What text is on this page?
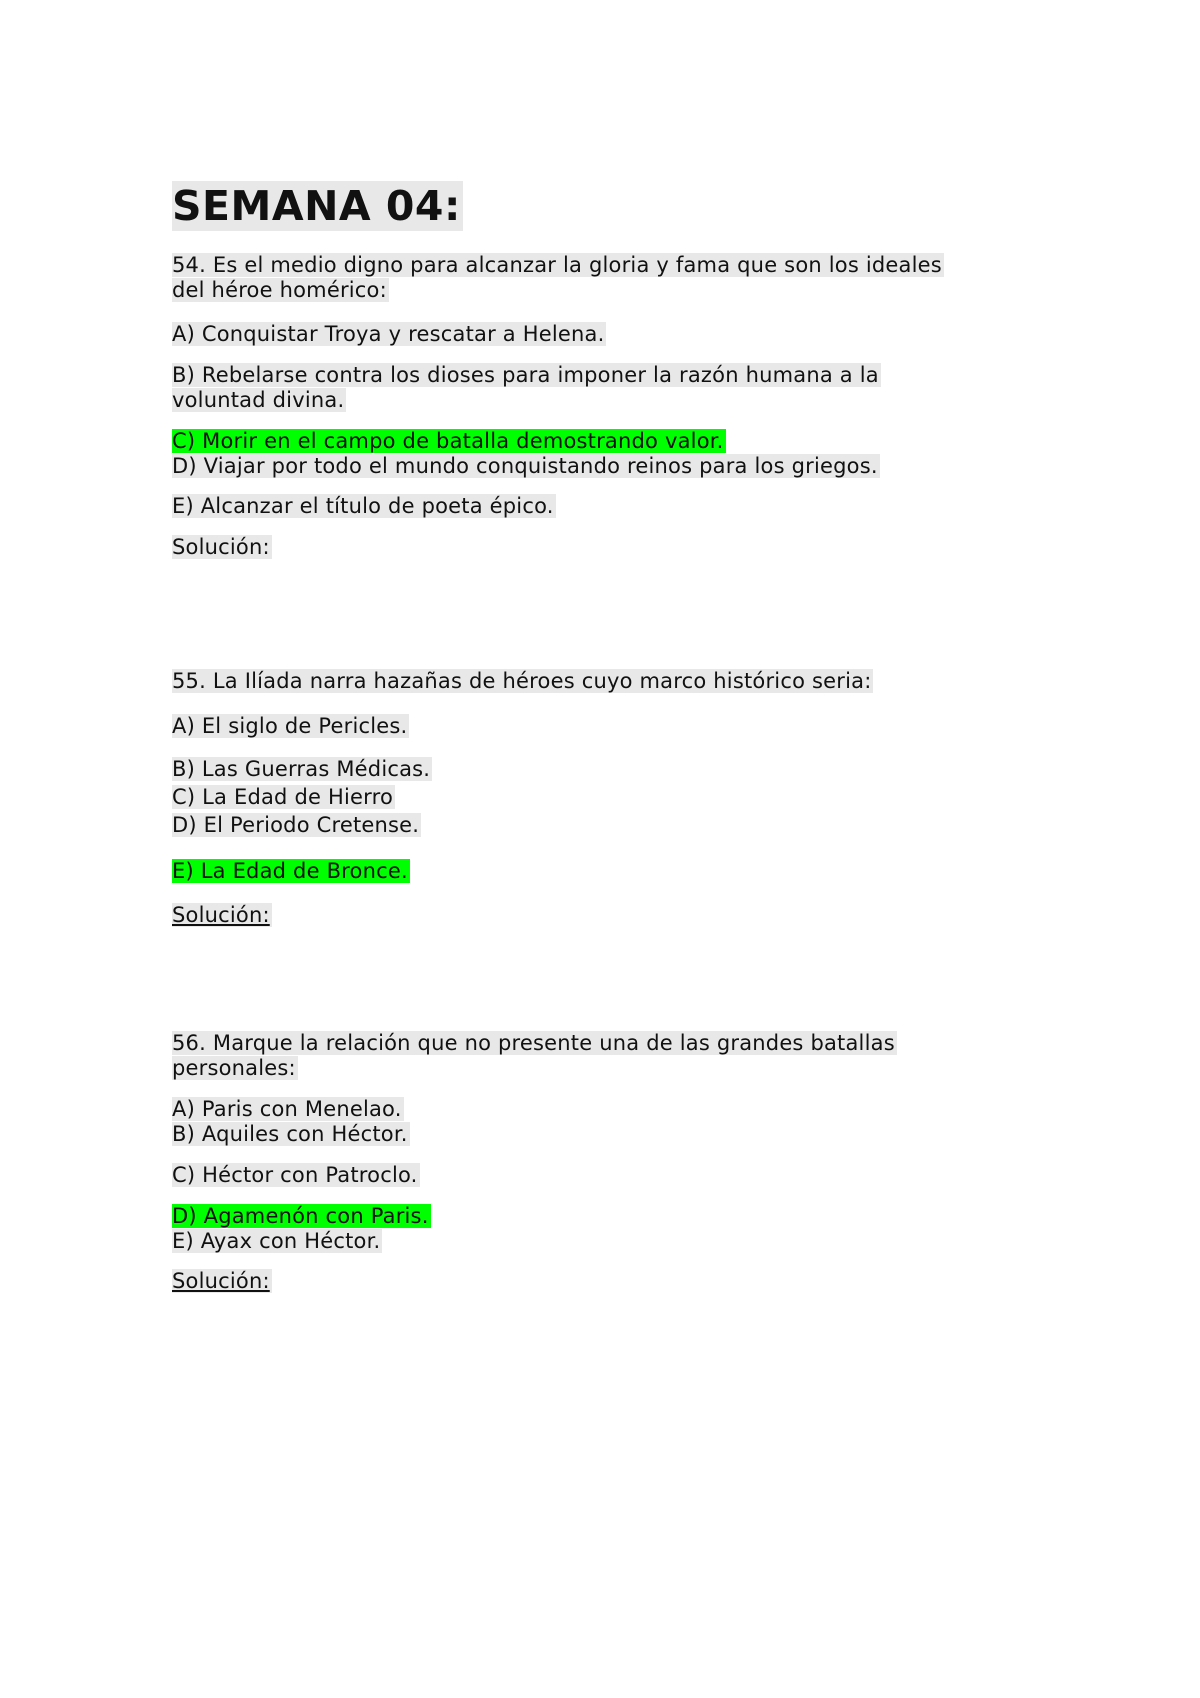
SEMANA 04:
54. Es el medio digno para alcanzar la gloria y fama que son los ideales
del héroe homérico:
A) Conquistar Troya y rescatar a Helena.
B) Rebelarse contra los dioses para imponer la razón humana a la
voluntad divina.
C) Morir en el campo de batalla demostrando valor.
D) Viajar por todo el mundo conquistando reinos para los griegos.
E) Alcanzar el título de poeta épico.
Solución:
55. La Ilíada narra hazañas de héroes cuyo marco histórico seria:
A) El siglo de Pericles.
B) Las Guerras Médicas.
C) La Edad de Hierro
D) El Periodo Cretense.
E) La Edad de Bronce.
Solución:
56. Marque la relación que no presente una de las grandes batallas
personales:
A) Paris con Menelao.
B) Aquiles con Héctor.
C) Héctor con Patroclo.
D) Agamenón con Paris.
E) Ayax con Héctor.
Solución:
